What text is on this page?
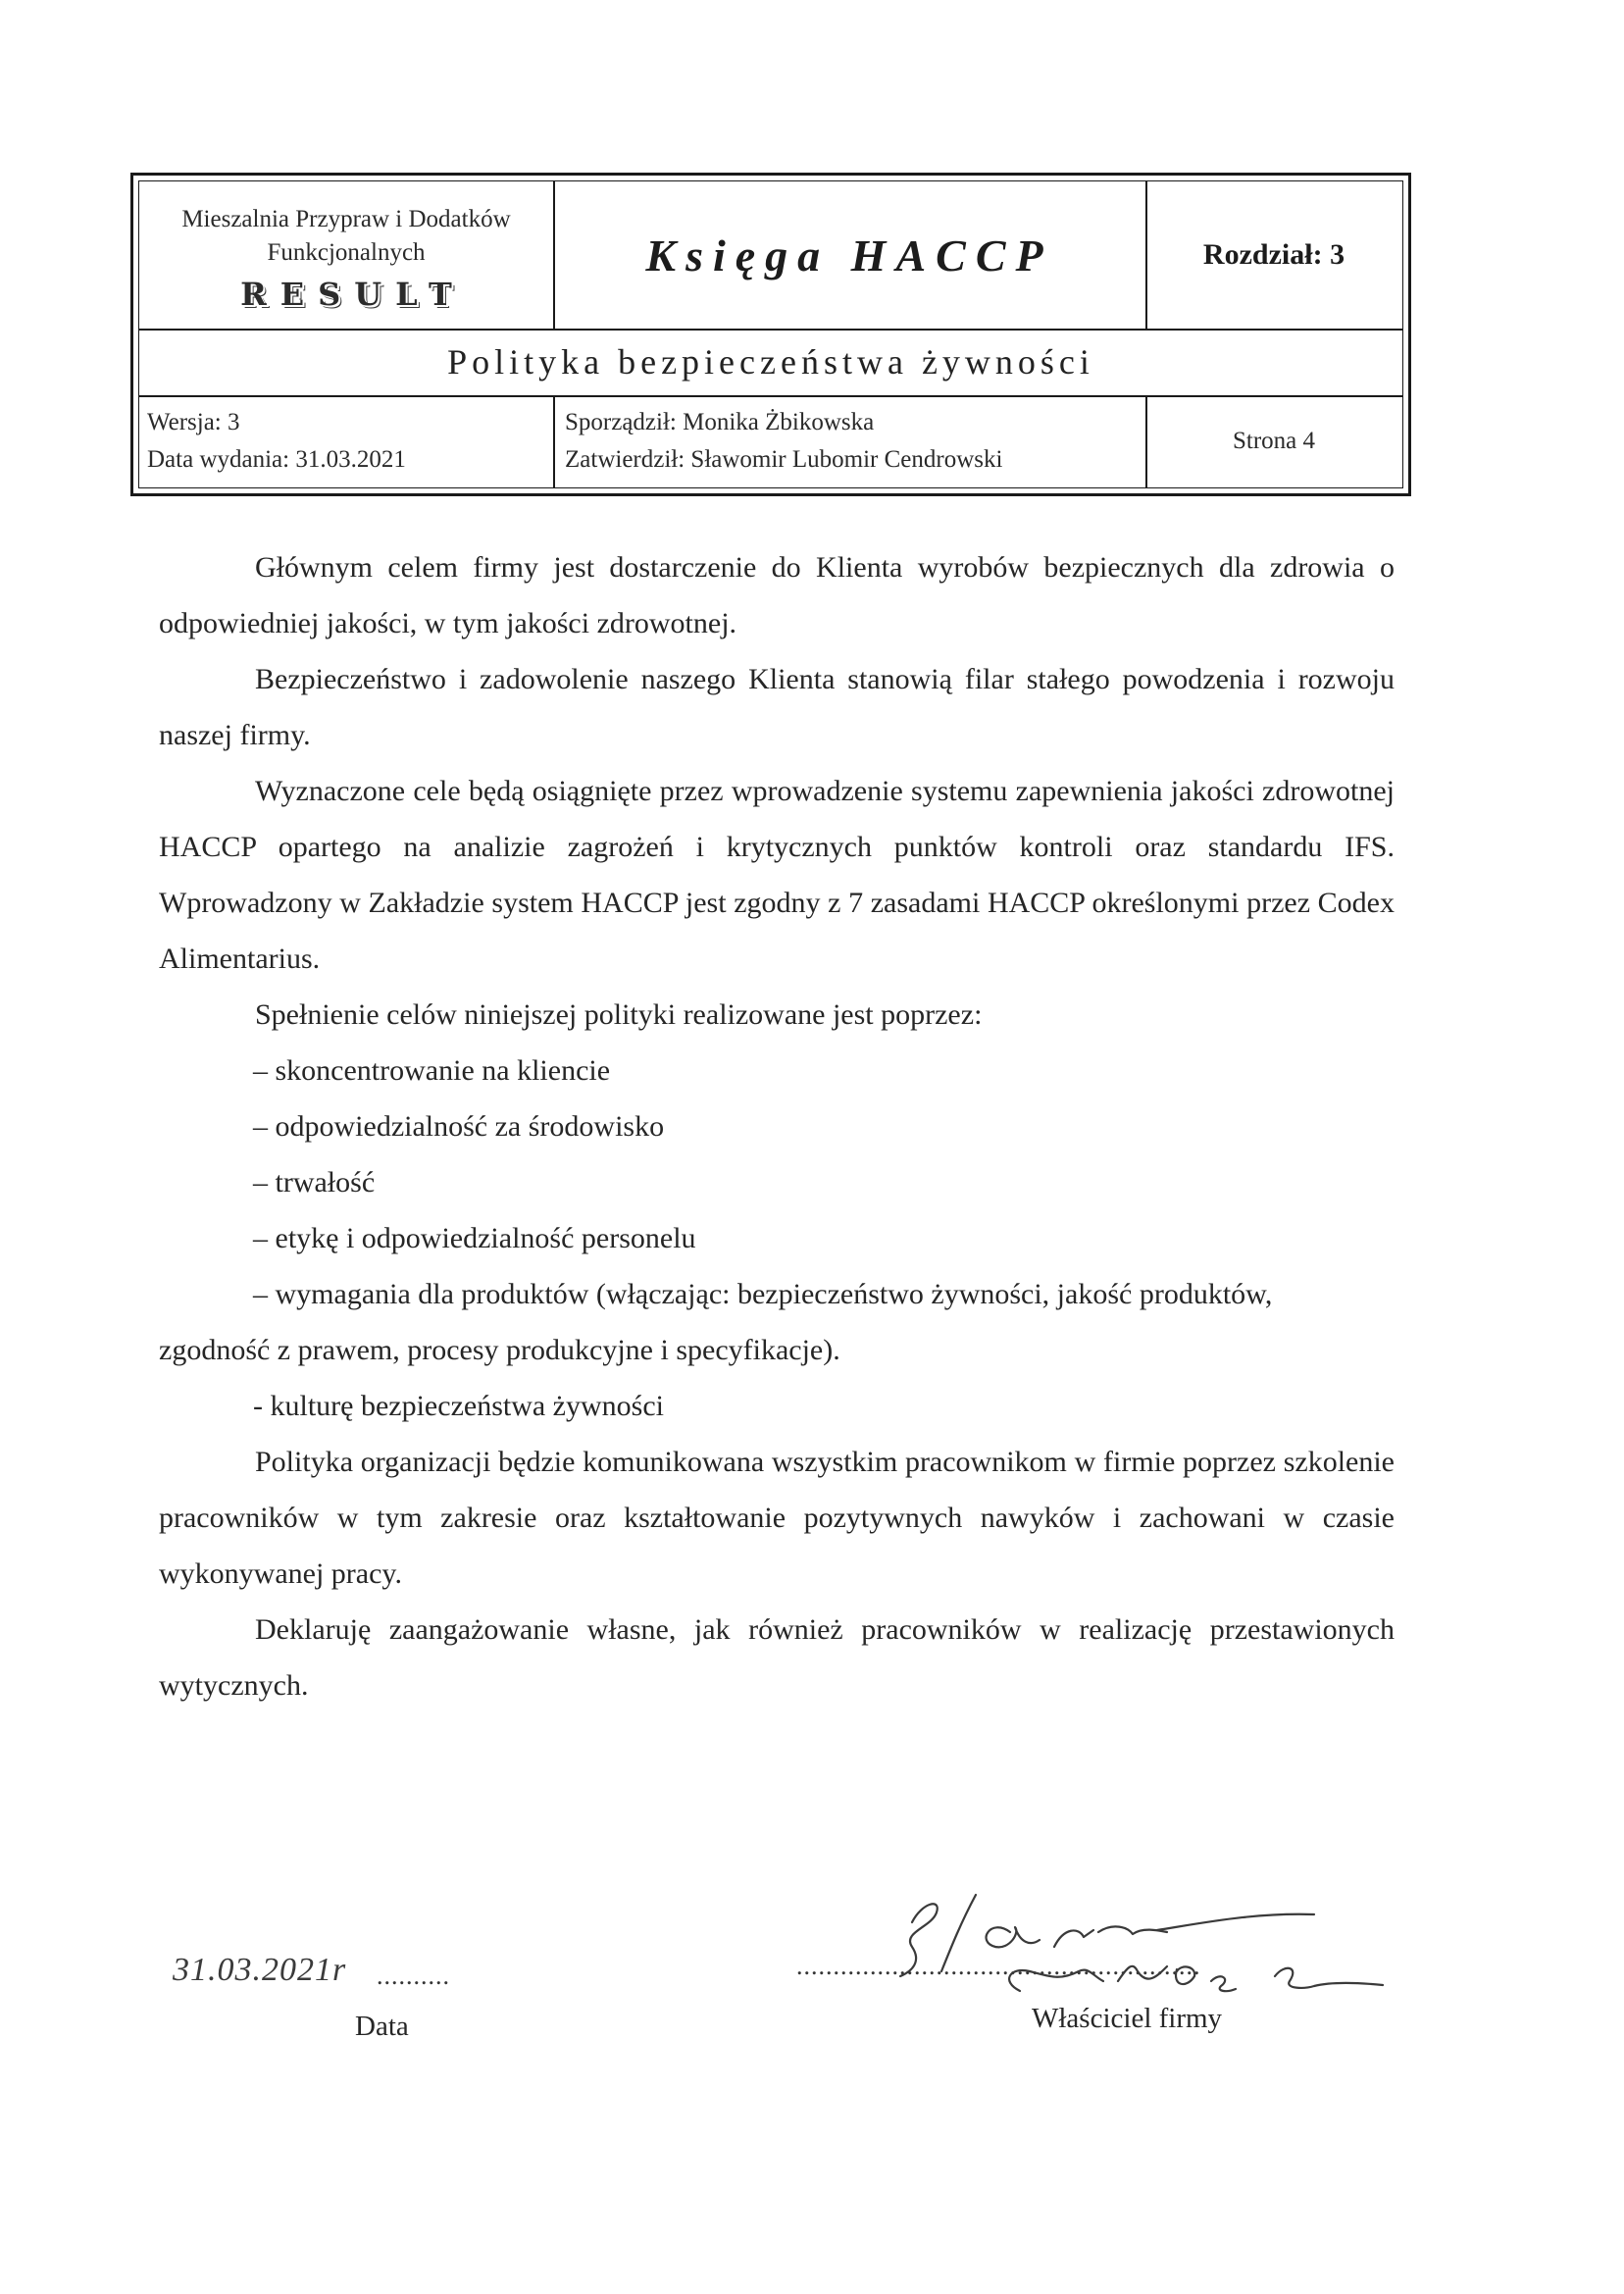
Mieszalnia Przypraw i Dodatków
Funkcjonalnych
RESULT
Księga HACCP	Rozdział: 3
Polityka bezpieczeństwa żywności
Wersja: 3
Data wydania: 31.03.2021
Sporządził: Monika Żbikowska
Zatwierdził: Sławomir Lubomir Cendrowski
Strona 4
Głównym celem firmy jest dostarczenie do Klienta wyrobów bezpiecznych dla zdrowia o odpowiedniej jakości, w tym jakości zdrowotnej.
Bezpieczeństwo i zadowolenie naszego Klienta stanowią filar stałego powodzenia i rozwoju naszej firmy.
Wyznaczone cele będą osiągnięte przez wprowadzenie systemu zapewnienia jakości zdrowotnej HACCP opartego na analizie zagrożeń i krytycznych punktów kontroli oraz standardu IFS. Wprowadzony w Zakładzie system HACCP jest zgodny z 7 zasadami HACCP określonymi przez Codex Alimentarius.
Spełnienie celów niniejszej polityki realizowane jest poprzez:
– skoncentrowanie na kliencie
– odpowiedzialność za środowisko
– trwałość
– etykę i odpowiedzialność personelu
– wymagania dla produktów (włączając: bezpieczeństwo żywności, jakość produktów,
zgodność z prawem, procesy produkcyjne i specyfikacje).
- kulturę bezpieczeństwa żywności
Polityka organizacji będzie komunikowana wszystkim pracownikom w firmie poprzez szkolenie pracowników w tym zakresie oraz kształtowanie pozytywnych nawyków i zachowani w czasie wykonywanej pracy.
Deklaruję zaangażowanie własne, jak również pracowników w realizację przestawionych wytycznych.
31.03.2021r ..........
Data
.......................................................
Właściciel firmy
